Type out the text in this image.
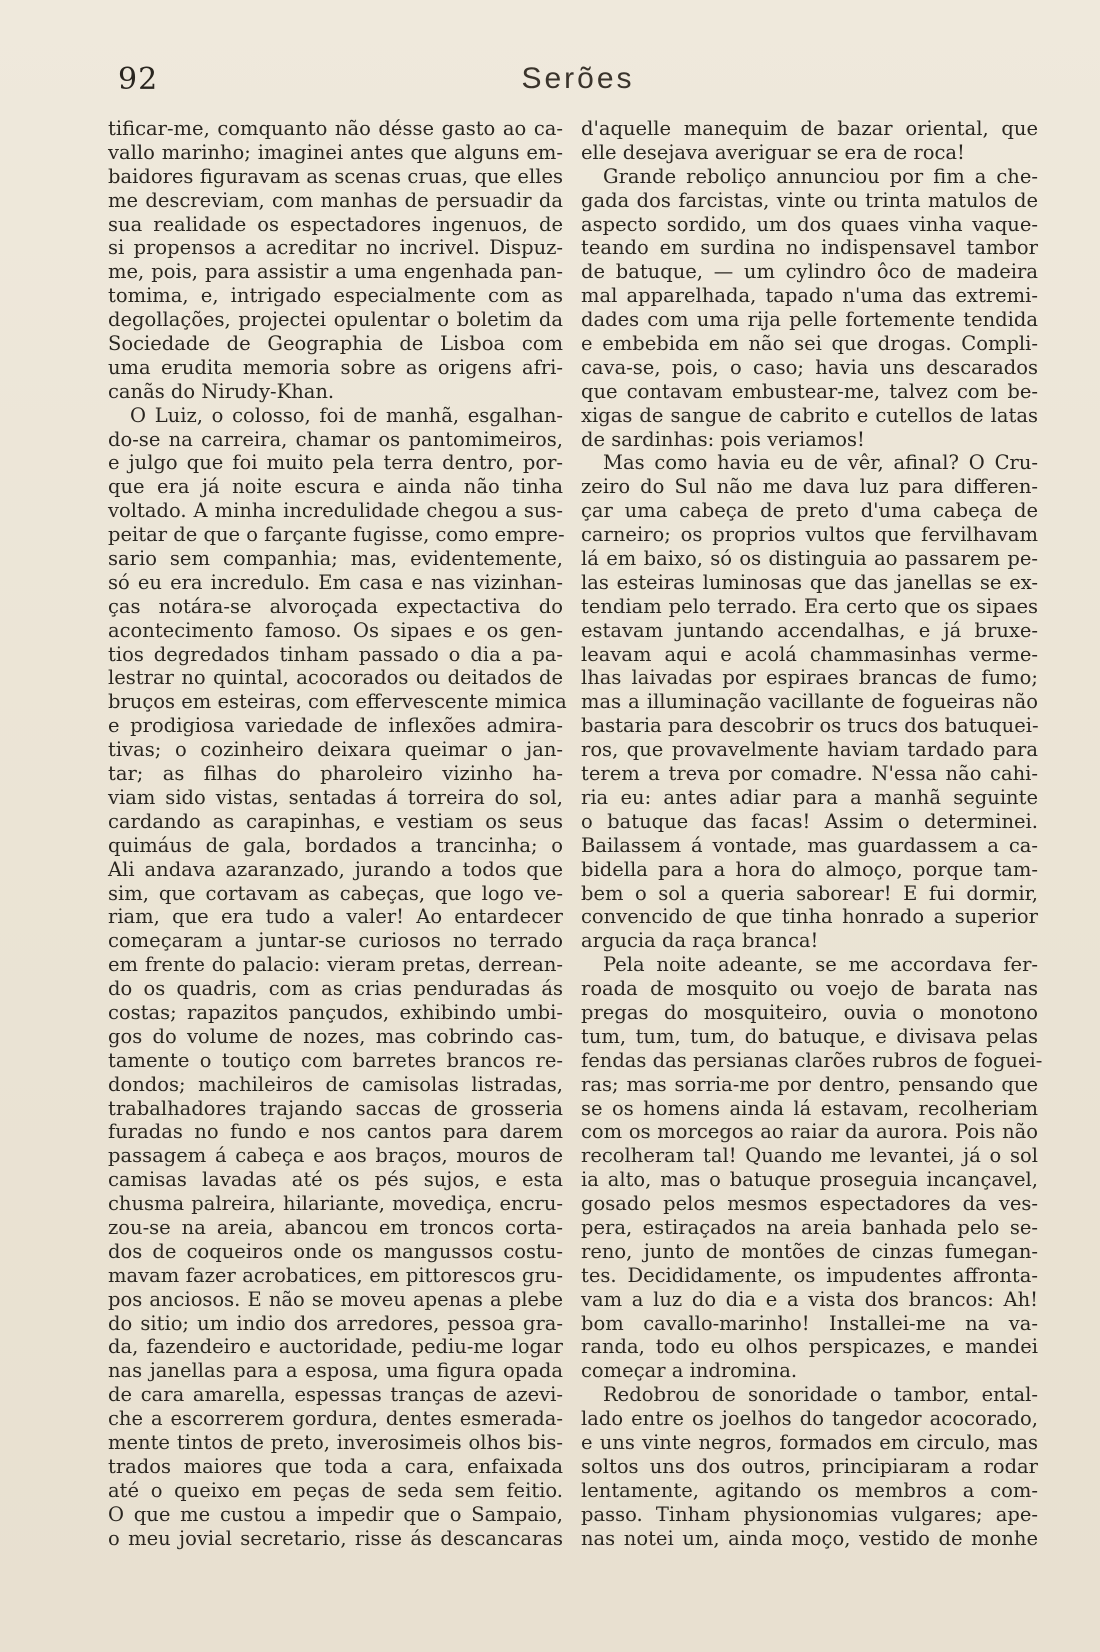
92	Serões
tificar-me, comquanto não désse gasto ao ca-
vallo marinho; imaginei antes que alguns em-
baidores figuravam as scenas cruas, que elles
me descreviam, com manhas de persuadir da
sua realidade os espectadores ingenuos, de
si propensos a acreditar no incrivel. Dispuz-
me, pois, para assistir a uma engenhada pan-
tomima, e, intrigado especialmente com as
degollações, projectei opulentar o boletim da
Sociedade de Geographia de Lisboa com
uma erudita memoria sobre as origens afri-
canãs do Nirudy-Khan.
O Luiz, o colosso, foi de manhã, esgalhan-
do-se na carreira, chamar os pantomimeiros,
e julgo que foi muito pela terra dentro, por-
que era já noite escura e ainda não tinha
voltado. A minha incredulidade chegou a sus-
peitar de que o farçante fugisse, como empre-
sario sem companhia; mas, evidentemente,
só eu era incredulo. Em casa e nas vizinhan-
ças notára-se alvoroçada expectactiva do
acontecimento famoso. Os sipaes e os gen-
tios degredados tinham passado o dia a pa-
lestrar no quintal, acocorados ou deitados de
bruços em esteiras, com effervescente mimica
e prodigiosa variedade de inflexões admira-
tivas; o cozinheiro deixara queimar o jan-
tar; as filhas do pharoleiro vizinho ha-
viam sido vistas, sentadas á torreira do sol,
cardando as carapinhas, e vestiam os seus
quimáus de gala, bordados a trancinha; o
Ali andava azaranzado, jurando a todos que
sim, que cortavam as cabeças, que logo ve-
riam, que era tudo a valer! Ao entardecer
começaram a juntar-se curiosos no terrado
em frente do palacio: vieram pretas, derrean-
do os quadris, com as crias penduradas ás
costas; rapazitos pançudos, exhibindo umbi-
gos do volume de nozes, mas cobrindo cas-
tamente o toutiço com barretes brancos re-
dondos; machileiros de camisolas listradas,
trabalhadores trajando saccas de grosseria
furadas no fundo e nos cantos para darem
passagem á cabeça e aos braços, mouros de
camisas lavadas até os pés sujos, e esta
chusma palreira, hilariante, movediça, encru-
zou-se na areia, abancou em troncos corta-
dos de coqueiros onde os mangussos costu-
mavam fazer acrobatices, em pittorescos gru-
pos anciosos. E não se moveu apenas a plebe
do sitio; um indio dos arredores, pessoa gra-
da, fazendeiro e auctoridade, pediu-me logar
nas janellas para a esposa, uma figura opada
de cara amarella, espessas tranças de azevi-
che a escorrerem gordura, dentes esmerada-
mente tintos de preto, inverosimeis olhos bis-
trados maiores que toda a cara, enfaixada
até o queixo em peças de seda sem feitio.
O que me custou a impedir que o Sampaio,
o meu jovial secretario, risse ás descancaras
d'aquelle manequim de bazar oriental, que
elle desejava averiguar se era de roca!
Grande reboliço annunciou por fim a che-
gada dos farcistas, vinte ou trinta matulos de
aspecto sordido, um dos quaes vinha vaque-
teando em surdina no indispensavel tambor
de batuque, — um cylindro ôco de madeira
mal apparelhada, tapado n'uma das extremi-
dades com uma rija pelle fortemente tendida
e embebida em não sei que drogas. Compli-
cava-se, pois, o caso; havia uns descarados
que contavam embustear-me, talvez com be-
xigas de sangue de cabrito e cutellos de latas
de sardinhas: pois veriamos!
Mas como havia eu de vêr, afinal? O Cru-
zeiro do Sul não me dava luz para differen-
çar uma cabeça de preto d'uma cabeça de
carneiro; os proprios vultos que fervilhavam
lá em baixo, só os distinguia ao passarem pe-
las esteiras luminosas que das janellas se ex-
tendiam pelo terrado. Era certo que os sipaes
estavam juntando accendalhas, e já bruxe-
leavam aqui e acolá chammasinhas verme-
lhas laivadas por espiraes brancas de fumo;
mas a illuminação vacillante de fogueiras não
bastaria para descobrir os trucs dos batuquei-
ros, que provavelmente haviam tardado para
terem a treva por comadre. N'essa não cahi-
ria eu: antes adiar para a manhã seguinte
o batuque das facas! Assim o determinei.
Bailassem á vontade, mas guardassem a ca-
bidella para a hora do almoço, porque tam-
bem o sol a queria saborear! E fui dormir,
convencido de que tinha honrado a superior
argucia da raça branca!
Pela noite adeante, se me accordava fer-
roada de mosquito ou voejo de barata nas
pregas do mosquiteiro, ouvia o monotono
tum, tum, tum, do batuque, e divisava pelas
fendas das persianas clarões rubros de foguei-
ras; mas sorria-me por dentro, pensando que
se os homens ainda lá estavam, recolheriam
com os morcegos ao raiar da aurora. Pois não
recolheram tal! Quando me levantei, já o sol
ia alto, mas o batuque proseguia incançavel,
gosado pelos mesmos espectadores da ves-
pera, estiraçados na areia banhada pelo se-
reno, junto de montões de cinzas fumegan-
tes. Decididamente, os impudentes affronta-
vam a luz do dia e a vista dos brancos: Ah!
bom cavallo-marinho! Installei-me na va-
randa, todo eu olhos perspicazes, e mandei
começar a indromina.
Redobrou de sonoridade o tambor, ental-
lado entre os joelhos do tangedor acocorado,
e uns vinte negros, formados em circulo, mas
soltos uns dos outros, principiaram a rodar
lentamente, agitando os membros a com-
passo. Tinham physionomias vulgares; ape-
nas notei um, ainda moço, vestido de monhe
